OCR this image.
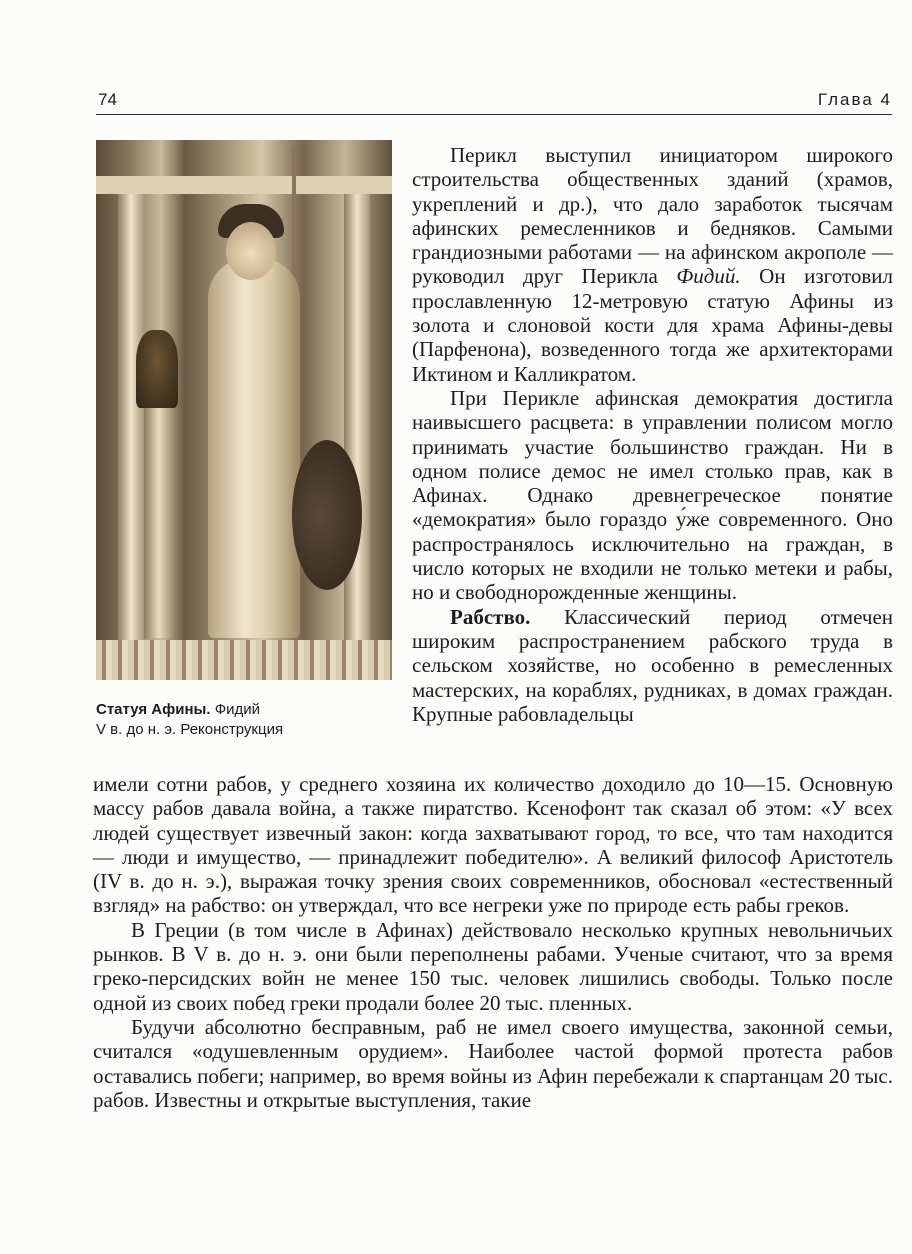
74	Глава 4
Статуя Афины. Фидий
V в. до н. э. Реконструкция

Перикл выступил инициатором широкого строительства общественных зданий (храмов, укреплений и др.), что дало заработок тысячам афинских ремесленников и бедняков. Самыми грандиозными работами — на афинском акрополе — руководил друг Перикла Фидий. Он изготовил прославленную 12-метровую статую Афины из золота и слоновой кости для храма Афины-девы (Парфенона), возведенного тогда же архитекторами Иктином и Калликратом.

При Перикле афинская демократия достигла наивысшего расцвета: в управлении полисом могло принимать участие большинство граждан. Ни в одном полисе демос не имел столько прав, как в Афинах. Однако древнегреческое понятие «демократия» было гораздо у́же современного. Оно распространялось исключительно на граждан, в число которых не входили не только метеки и рабы, но и свободнорожденные женщины.

Рабство. Классический период отмечен широким распространением рабского труда в сельском хозяйстве, но особенно в ремесленных мастерских, на кораблях, рудниках, в домах граждан. Крупные рабовладельцы

имели сотни рабов, у среднего хозяина их количество доходило до 10—15. Основную массу рабов давала война, а также пиратство. Ксенофонт так сказал об этом: «У всех людей существует извечный закон: когда захватывают город, то все, что там находится — люди и имущество, — принадлежит победителю». А великий философ Аристотель (IV в. до н. э.), выражая точку зрения своих современников, обосновал «естественный взгляд» на рабство: он утверждал, что все негреки уже по природе есть рабы греков.

В Греции (в том числе в Афинах) действовало несколько крупных невольничьих рынков. В V в. до н. э. они были переполнены рабами. Ученые считают, что за время греко-персидских войн не менее 150 тыс. человек лишились свободы. Только после одной из своих побед греки продали более 20 тыс. пленных.

Будучи абсолютно бесправным, раб не имел своего имущества, законной семьи, считался «одушевленным орудием». Наиболее частой формой протеста рабов оставались побеги; например, во время войны из Афин перебежали к спартанцам 20 тыс. рабов. Известны и открытые выступления, такие
